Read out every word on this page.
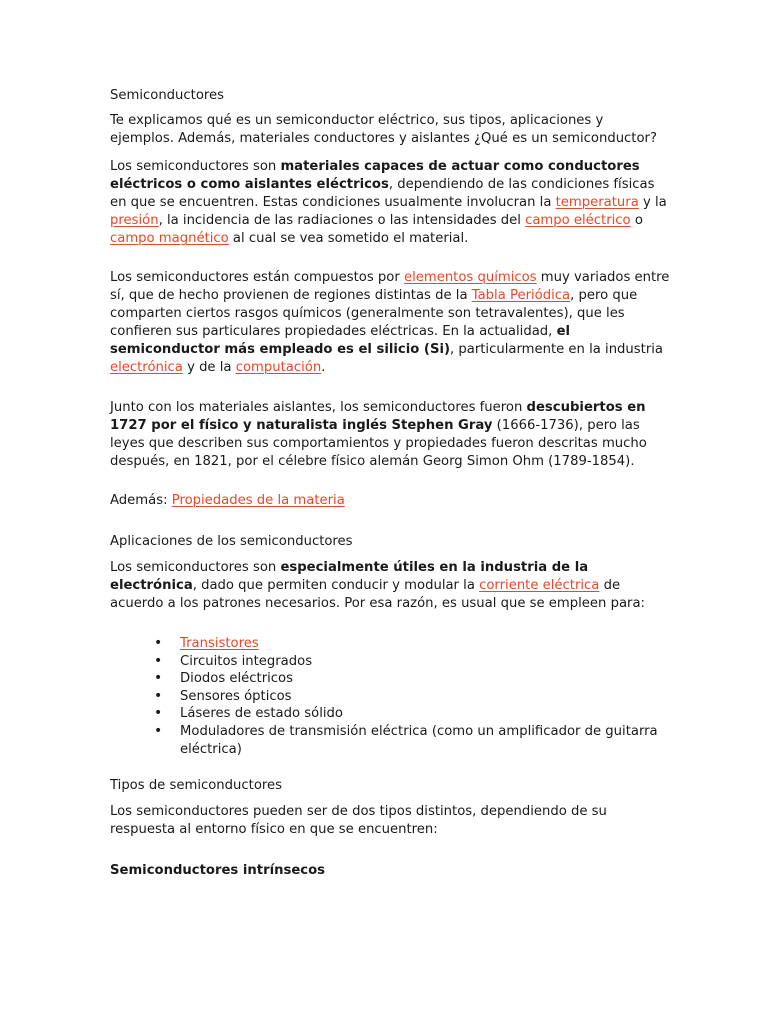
Semiconductores

Te explicamos qué es un semiconductor eléctrico, sus tipos, aplicaciones y ejemplos. Además, materiales conductores y aislantes ¿Qué es un semiconductor?

Los semiconductores son materiales capaces de actuar como conductores eléctricos o como aislantes eléctricos, dependiendo de las condiciones físicas en que se encuentren. Estas condiciones usualmente involucran la temperatura y la presión, la incidencia de las radiaciones o las intensidades del campo eléctrico o campo magnético al cual se vea sometido el material.

Los semiconductores están compuestos por elementos químicos muy variados entre sí, que de hecho provienen de regiones distintas de la Tabla Periódica, pero que comparten ciertos rasgos químicos (generalmente son tetravalentes), que les confieren sus particulares propiedades eléctricas. En la actualidad, el semiconductor más empleado es el silicio (Si), particularmente en la industria electrónica y de la computación.

Junto con los materiales aislantes, los semiconductores fueron descubiertos en 1727 por el físico y naturalista inglés Stephen Gray (1666-1736), pero las leyes que describen sus comportamientos y propiedades fueron descritas mucho después, en 1821, por el célebre físico alemán Georg Simon Ohm (1789-1854).

Además: Propiedades de la materia

Aplicaciones de los semiconductores

Los semiconductores son especialmente útiles en la industria de la electrónica, dado que permiten conducir y modular la corriente eléctrica de acuerdo a los patrones necesarios. Por esa razón, es usual que se empleen para:

• Transistores
• Circuitos integrados
• Diodos eléctricos
• Sensores ópticos
• Láseres de estado sólido
• Moduladores de transmisión eléctrica (como un amplificador de guitarra eléctrica)

Tipos de semiconductores

Los semiconductores pueden ser de dos tipos distintos, dependiendo de su respuesta al entorno físico en que se encuentren:

Semiconductores intrínsecos
